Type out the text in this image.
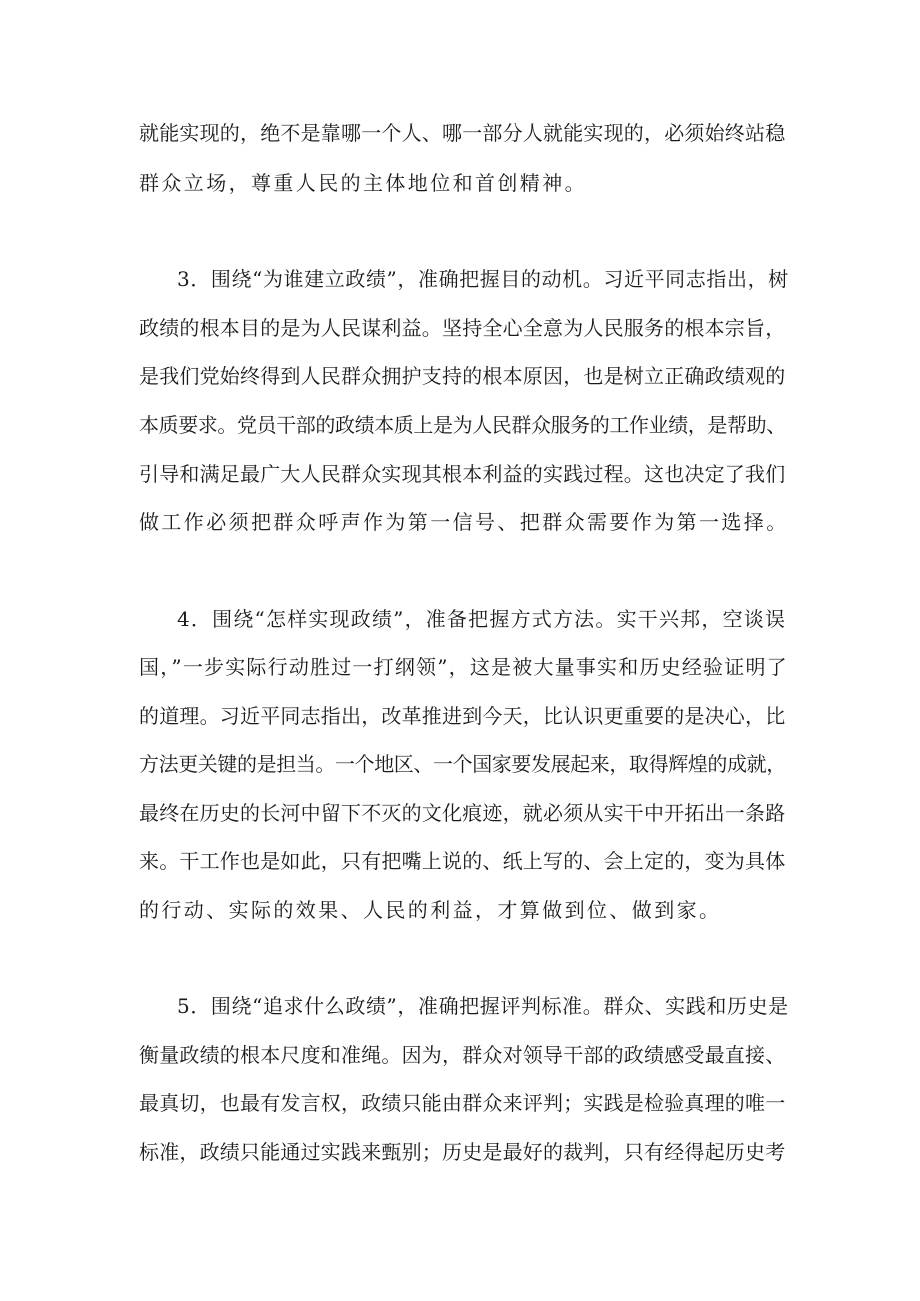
就能实现的，绝不是靠哪一个人、哪一部分人就能实现的，必须始终站稳
群众立场，尊重人民的主体地位和首创精神。
3．围绕“为谁建立政绩”，准确把握目的动机。习近平同志指出，树
政绩的根本目的是为人民谋利益。坚持全心全意为人民服务的根本宗旨，
是我们党始终得到人民群众拥护支持的根本原因，也是树立正确政绩观的
本质要求。党员干部的政绩本质上是为人民群众服务的工作业绩，是帮助、
引导和满足最广大人民群众实现其根本利益的实践过程。这也决定了我们
做工作必须把群众呼声作为第一信号、把群众需要作为第一选择。
4．围绕“怎样实现政绩”，准备把握方式方法。实干兴邦，空谈误
国，”一步实际行动胜过一打纲领”，这是被大量事实和历史经验证明了
的道理。习近平同志指出，改革推进到今天，比认识更重要的是决心，比
方法更关键的是担当。一个地区、一个国家要发展起来，取得辉煌的成就，
最终在历史的长河中留下不灭的文化痕迹，就必须从实干中开拓出一条路
来。干工作也是如此，只有把嘴上说的、纸上写的、会上定的，变为具体
的行动、实际的效果、人民的利益，才算做到位、做到家。
5．围绕“追求什么政绩”，准确把握评判标准。群众、实践和历史是
衡量政绩的根本尺度和准绳。因为，群众对领导干部的政绩感受最直接、
最真切，也最有发言权，政绩只能由群众来评判；实践是检验真理的唯一
标准，政绩只能通过实践来甄别；历史是最好的裁判，只有经得起历史考
